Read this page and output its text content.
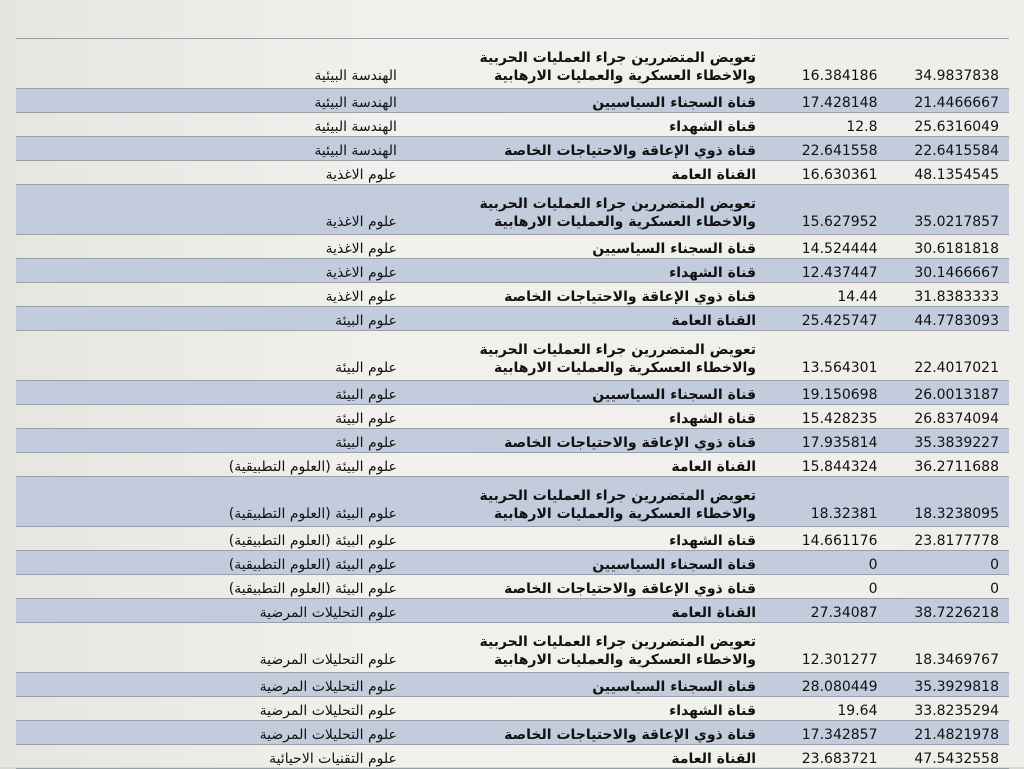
الهندسة البيئية	تعويض المتضررين جراء العمليات الحربية والاخطاء العسكرية والعمليات الارهابية	16.384186	34.9837838
الهندسة البيئية	قناة السجناء السياسيين	17.428148	21.4466667
الهندسة البيئية	قناة الشهداء	12.8	25.6316049
الهندسة البيئية	قناة ذوي الإعاقة والاحتياجات الخاصة	22.641558	22.6415584
علوم الاغذية	القناة العامة	16.630361	48.1354545
علوم الاغذية	تعويض المتضررين جراء العمليات الحربية والاخطاء العسكرية والعمليات الارهابية	15.627952	35.0217857
علوم الاغذية	قناة السجناء السياسيين	14.524444	30.6181818
علوم الاغذية	قناة الشهداء	12.437447	30.1466667
علوم الاغذية	قناة ذوي الإعاقة والاحتياجات الخاصة	14.44	31.8383333
علوم البيئة	القناة العامة	25.425747	44.7783093
علوم البيئة	تعويض المتضررين جراء العمليات الحربية والاخطاء العسكرية والعمليات الارهابية	13.564301	22.4017021
علوم البيئة	قناة السجناء السياسيين	19.150698	26.0013187
علوم البيئة	قناة الشهداء	15.428235	26.8374094
علوم البيئة	قناة ذوي الإعاقة والاحتياجات الخاصة	17.935814	35.3839227
علوم البيئة (العلوم التطبيقية)	القناة العامة	15.844324	36.2711688
علوم البيئة (العلوم التطبيقية)	تعويض المتضررين جراء العمليات الحربية والاخطاء العسكرية والعمليات الارهابية	18.32381	18.3238095
علوم البيئة (العلوم التطبيقية)	قناة الشهداء	14.661176	23.8177778
علوم البيئة (العلوم التطبيقية)	قناة السجناء السياسيين	0	0
علوم البيئة (العلوم التطبيقية)	قناة ذوي الإعاقة والاحتياجات الخاصة	0	0
علوم التحليلات المرضية	القناة العامة	27.34087	38.7226218
علوم التحليلات المرضية	تعويض المتضررين جراء العمليات الحربية والاخطاء العسكرية والعمليات الارهابية	12.301277	18.3469767
علوم التحليلات المرضية	قناة السجناء السياسيين	28.080449	35.3929818
علوم التحليلات المرضية	قناة الشهداء	19.64	33.8235294
علوم التحليلات المرضية	قناة ذوي الإعاقة والاحتياجات الخاصة	17.342857	21.4821978
علوم التقنيات الاحيائية	القناة العامة	23.683721	47.5432558
